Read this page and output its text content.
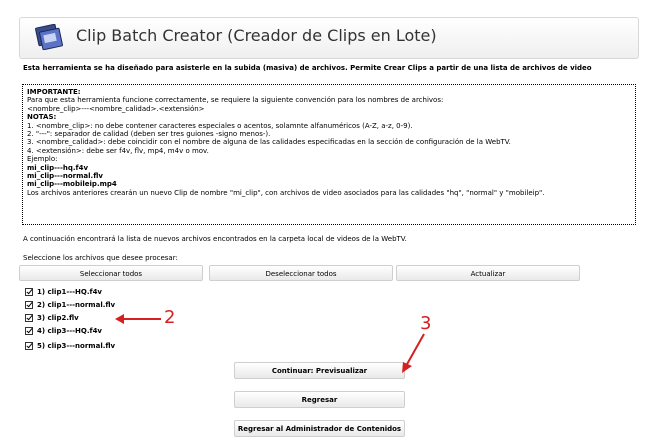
Clip Batch Creator (Creador de Clips en Lote)
Esta herramienta se ha diseñado para asisterle en la subida (masiva) de archivos. Permite Crear Clips a partir de una lista de archivos de video
IMPORTANTE:
Para que esta herramienta funcione correctamente, se requiere la siguiente convención para los nombres de archivos:
<nombre_clip>---<nombre_calidad>.<extensión>
NOTAS:
1. <nombre_clip>: no debe contener caracteres especiales o acentos, solamnte alfanuméricos (A-Z, a-z, 0-9).
2. "---": separador de calidad (deben ser tres guiones -signo menos-).
3. <nombre_calidad>: debe coincidir con el nombre de alguna de las calidades especificadas en la sección de configuración de la WebTV.
4. <extensión>: debe ser f4v, flv, mp4, m4v o mov.
Ejemplo:
mi_clip---hq.f4v
mi_clip---normal.flv
mi_clip---mobileip.mp4
Los archivos anteriores crearán un nuevo Clip de nombre "mi_clip", con archivos de video asociados para las calidades "hq", "normal" y "mobileip".
A continuación encontrará la lista de nuevos archivos encontrados en la carpeta local de videos de la WebTV.
Seleccione los archivos que desee procesar:
Seleccionar todos	Deseleccionar todos	Actualizar
1) clip1---HQ.f4v
2) clip1---normal.flv
3) clip2.flv
4) clip3---HQ.f4v
5) clip3---normal.flv
Continuar: Previsualizar
Regresar
Regresar al Administrador de Contenidos
2	3
